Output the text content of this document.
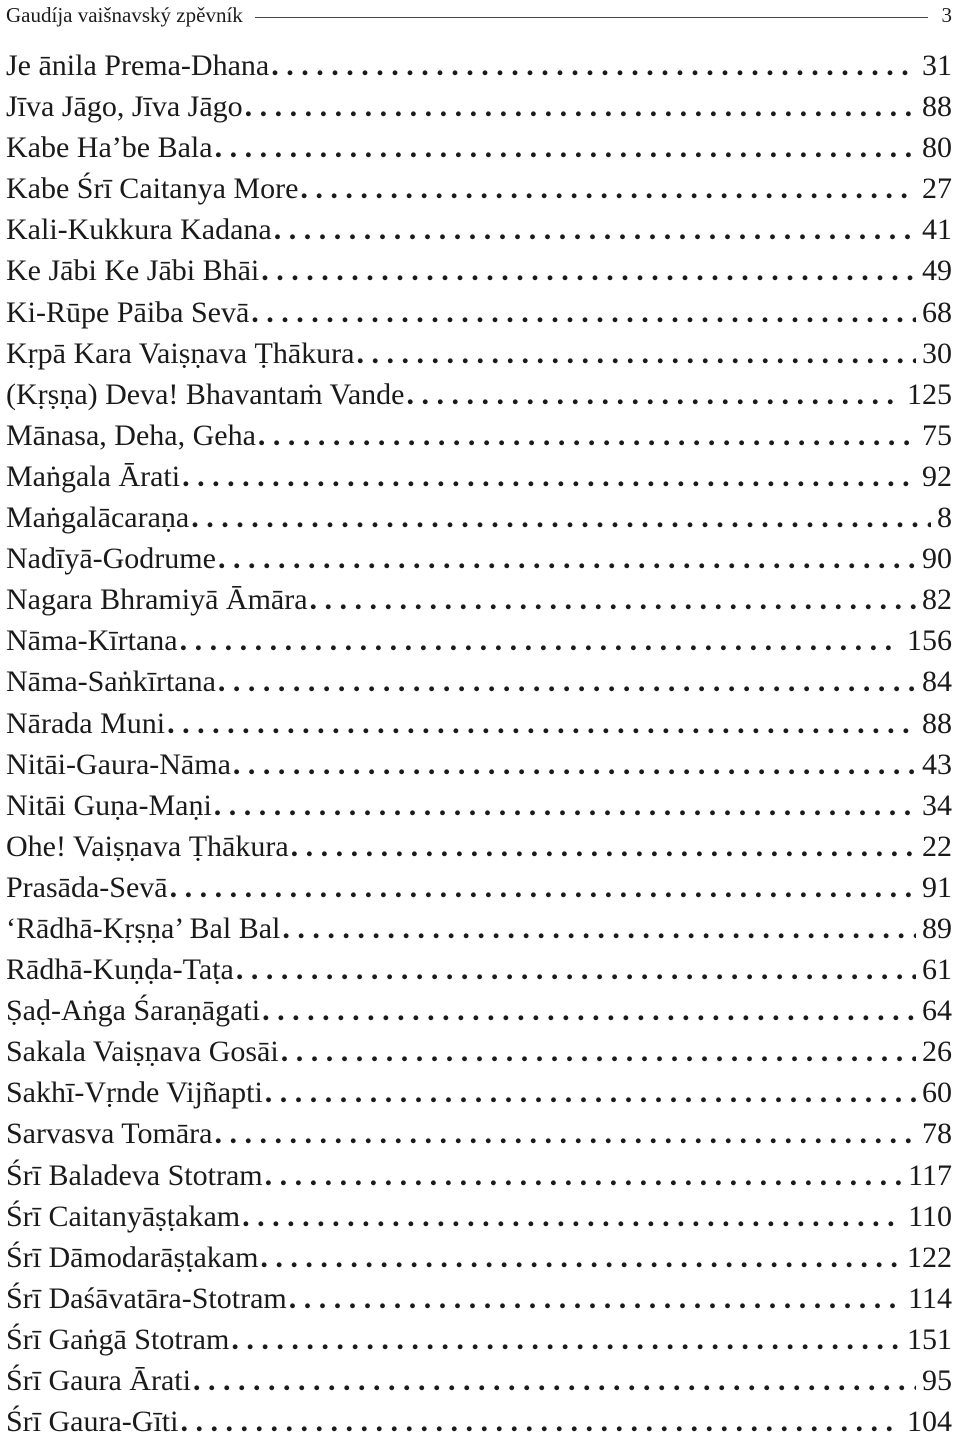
Gaudíja vaišnavský zpěvník	3
Je ānila Prema-Dhana . . .	31
Jīva Jāgo, Jīva Jāgo . . .	88
Kabe Ha’be Bala . . .	80
Kabe Śrī Caitanya More . . .	27
Kali-Kukkura Kadana . . .	41
Ke Jābi Ke Jābi Bhāi . . .	49
Ki-Rūpe Pāiba Sevā . . .	68
Kṛpā Kara Vaiṣṇava Ṭhākura . . .	30
(Kṛṣṇa) Deva! Bhavantaṁ Vande . . .	125
Mānasa, Deha, Geha . . .	75
Maṅgala Ārati . . .	92
Maṅgalācaraṇa . . .	8
Nadīyā-Godrume . . .	90
Nagara Bhramiyā Āmāra . . .	82
Nāma-Kīrtana . . .	156
Nāma-Saṅkīrtana . . .	84
Nārada Muni . . .	88
Nitāi-Gaura-Nāma . . .	43
Nitāi Guṇa-Maṇi . . .	34
Ohe! Vaiṣṇava Ṭhākura . . .	22
Prasāda-Sevā . . .	91
‘Rādhā-Kṛṣṇa’ Bal Bal . . .	89
Rādhā-Kuṇḍa-Taṭa . . .	61
Ṣaḍ-Aṅga Śaraṇāgati . . .	64
Sakala Vaiṣṇava Gosāi . . .	26
Sakhī-Vṛnde Vijñapti . . .	60
Sarvasva Tomāra . . .	78
Śrī Baladeva Stotram . . .	117
Śrī Caitanyāṣṭakam . . .	110
Śrī Dāmodarāṣṭakam . . .	122
Śrī Daśāvatāra-Stotram . . .	114
Śrī Gaṅgā Stotram . . .	151
Śrī Gaura Ārati . . .	95
Śrī Gaura-Gīti . . .	104
